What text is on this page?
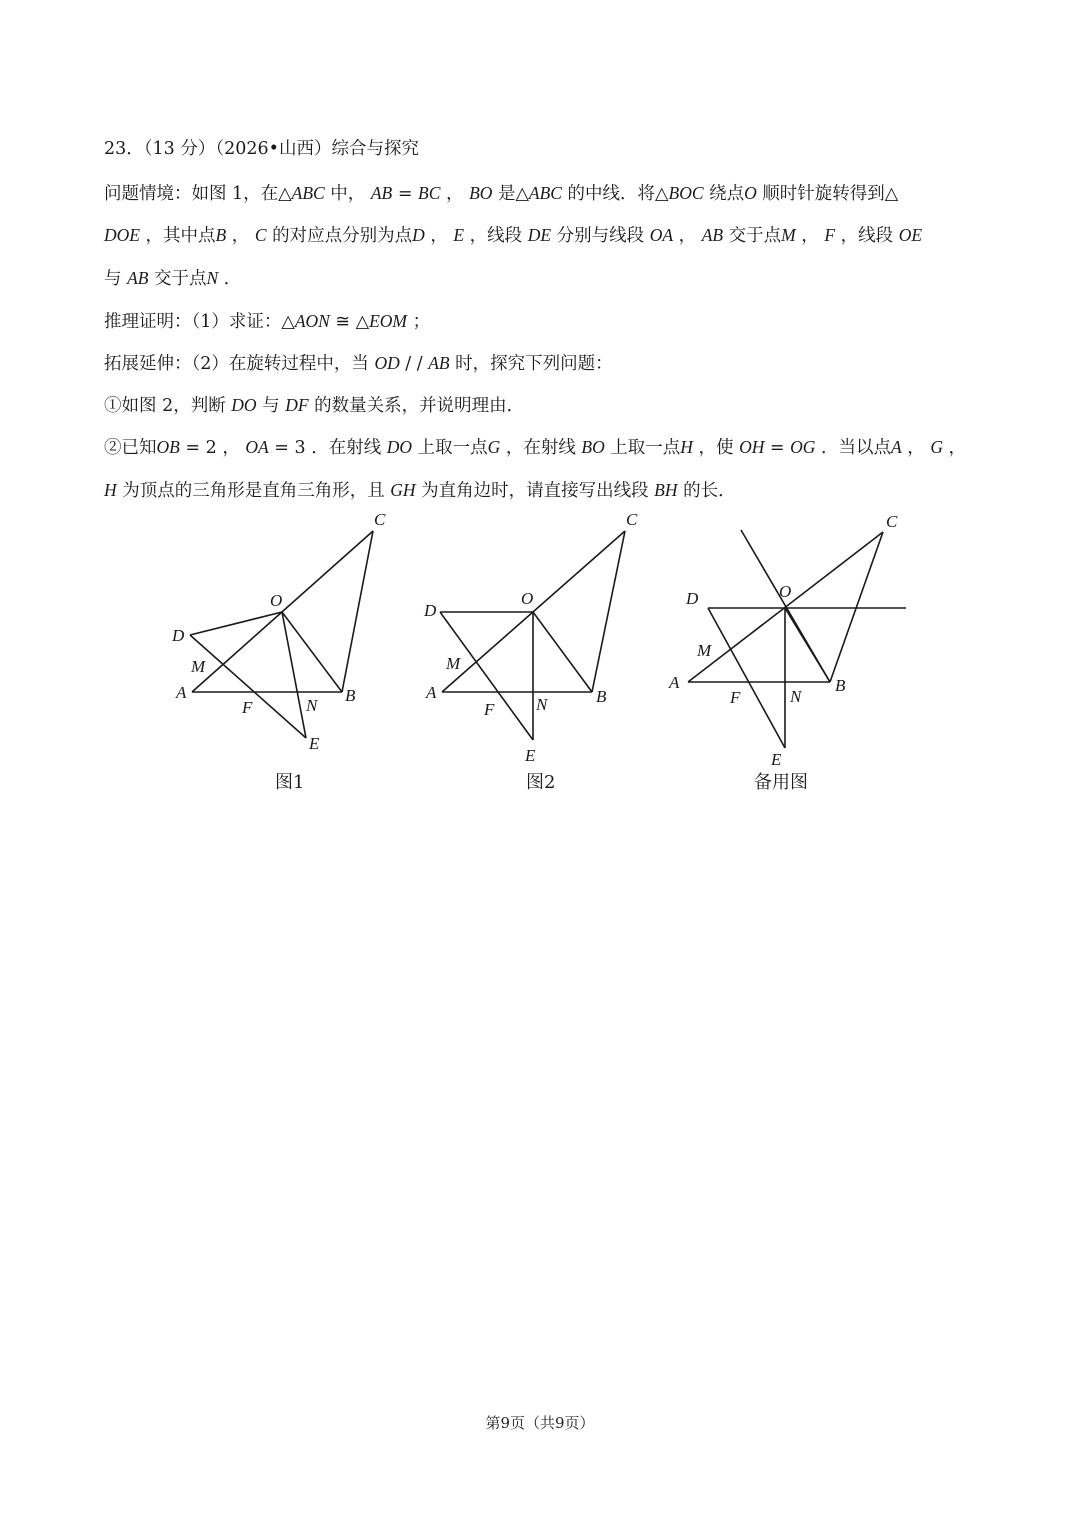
23．（13 分）（2026•山西）综合与探究
问题情境：如图 1，在△ABC 中， AB = BC ， BO 是△ABC 的中线．将△BOC 绕点O 顺时针旋转得到△
DOE ，其中点B ， C 的对应点分别为点D ， E ，线段 DE 分别与线段 OA ， AB 交于点M ， F ，线段 OE
与 AB 交于点N ．
推理证明：（1）求证：△AON ≅ △EOM ；
拓展延伸：（2）在旋转过程中，当 OD / / AB 时，探究下列问题：
①如图 2，判断 DO 与 DF 的数量关系，并说明理由．
②已知OB = 2 ， OA = 3 ．在射线 DO 上取一点G ，在射线 BO 上取一点H ，使 OH = OG ．当以点A ， G ，
H 为顶点的三角形是直角三角形，且 GH 为直角边时，请直接写出线段 BH 的长．
C
O
D
M
A	B
F	N
E
图1
C
O
D
M
A	B
F N
E
图2
C
O
D
M
A	B
F	N
E
备用图
第9页（共9页）
